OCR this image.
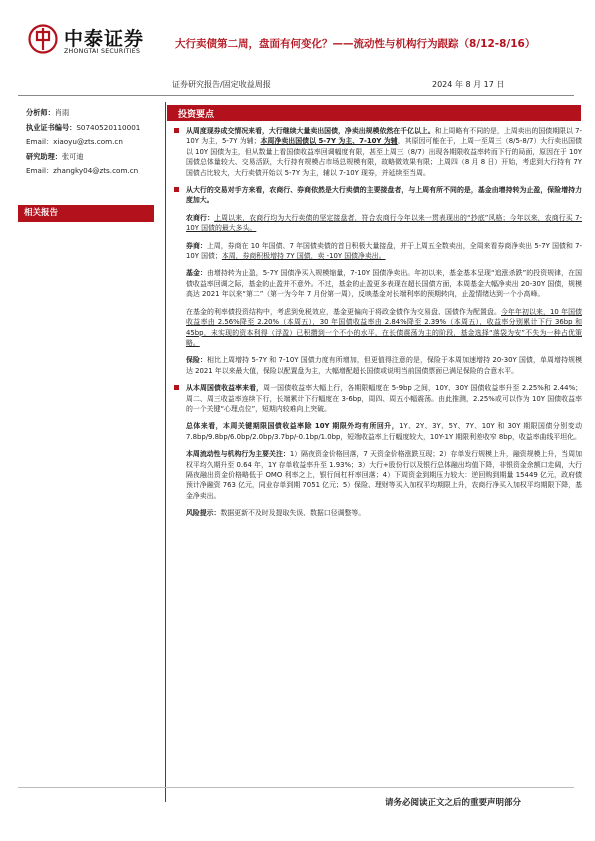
中泰证券
ZHONGTAI SECURITIES
大行卖债第二周，盘面有何变化？——流动性与机构行为跟踪（8/12-8/16）
证券研究报告/固定收益周报	2024 年 8 月 17 日
分析师：肖雨
执业证书编号：S0740520110001
Email：xiaoyu@zts.com.cn
研究助理：张可迪
Email：zhangky04@zts.com.cn
相关报告
投资要点

从周度现券成交情况来看，大行继续大量卖出国债，净卖出规模依然在千亿以上。和上周略有不同的是，上周卖出的国债期限以 7-10Y 为主，5-7Y 为辅；本周净卖出国债以 5-7Y 为主、7-10Y 为辅，其原因可能在于，上周一至周三（8/5-8/7）大行卖出国债以 10Y 国债为主，但从数量上看国债收益率回调幅度有限，甚至上周三（8/7）出现各期限收益率转而下行的局面，原因在于 10Y 国债总体量较大、交易活跃，大行持有规模占市场总规模有限，故略微效果有限；上周四（8 月 8 日）开始，考虑到大行持有 7Y 国债占比较大，大行卖债开始以 5-7Y 为主，辅以 7-10Y 现券，并延续至当周。

从大行的交易对手方来看，农商行、券商依然是大行卖债的主要接盘者，与上周有所不同的是，基金由增持转为止盈，保险增持力度加大。

农商行：上周以来，农商行均为大行卖债的坚定接盘者，符合农商行今年以来一贯表现出的“抄底”风格；今年以来，农商行买 7-10Y 国债的最大多头。

券商：上周，券商在 10 年国债、7 年国债卖债的首日积极大量接盘，并于上周五全数卖出，全周来看券商净卖出 5-7Y 国债和 7-10Y 国债；本周，券商积极增持 7Y 国债，卖 -10Y 国债净卖出。

基金：由增持转为止盈，5-7Y 国债净买入规模缩量，7-10Y 国债净卖出。年初以来，基金基本呈现“追涨杀跌”的投资规律，在国债收益率回调之际，基金的止盈并不意外。不过，基金的止盈更多表现在超长国债方面，本周基金大幅净卖出 20-30Y 国债，规模高达 2021 年以来“第二”（第一为今年 7 月份第一周），反映基金对长端利率的预期转向，止盈情绪达到一个小高峰。

在基金的利率债投资结构中，考虑到免税效应，基金更偏向于将政金债作为交易盘、国债作为配置盘。今年年初以来，10 年国债收益率由 2.56%降至 2.20%（本周五），30 年国债收益率由 2.84%降至 2.39%（本周五），收益率分别累计下行 36bp 和 45bp，未实现的资本利得（浮盈）已积攒到一个不小的水平，在长债震荡为主的阶段，基金选择“落袋为安”不失为一种占优策略。

保险：相比上周增持 5-7Y 和 7-10Y 国债力度有所增加，但更值得注意的是，保险于本周加速增持 20-30Y 国债，单周增持规模达 2021 年以来最大值，保险以配置盘为主，大幅增配超长国债或说明当前国债票面已满足保险的合意水平。

从本周国债收益率来看，周一国债收益率大幅上行，各期限幅度在 5-9bp 之间，10Y、30Y 国债收益率升至 2.25%和 2.44%；周二、周三收益率连续下行，长端累计下行幅度在 3-6bp，周四、周五小幅震荡。由此推测，2.25%或可以作为 10Y 国债收益率的一个关键“心理点位”，短期内较难向上突破。

总体来看，本周关键期限国债收益率除 10Y 期限外均有所回升，1Y、2Y、3Y、5Y、7Y、10Y 和 30Y 期限国债分别变动 7.8bp/9.8bp/6.0bp/2.0bp/3.7bp/-0.1bp/1.0bp，短端收益率上行幅度较大，10Y-1Y 期限利差收窄 8bp，收益率曲线平坦化。

本周流动性与机构行为主要关注：1）隔夜资金价格回落，7 天资金价格涨跌互现；2）存单发行规模上升，融资规模上升，当周加权平均久期升至 0.64 年，1Y 存单收益率升至 1.93%；3）大行+股份行以及银行总体融出均值下降，非银资金余额口走阔，大行隔夜融出资金价格略低于 OMO 利率之上，银行间杠杆率回落；4）下周资金到期压力较大：逆回购到期量 15449 亿元，政府债预计净融资 763 亿元，同业存单到期 7051 亿元；5）保险、理财等买入加权平均期限上升，农商行净买入加权平均期限下降，基金净卖出。

风险提示：数据更新不及时及提取失误、数据口径调整等。

请务必阅读正文之后的重要声明部分
